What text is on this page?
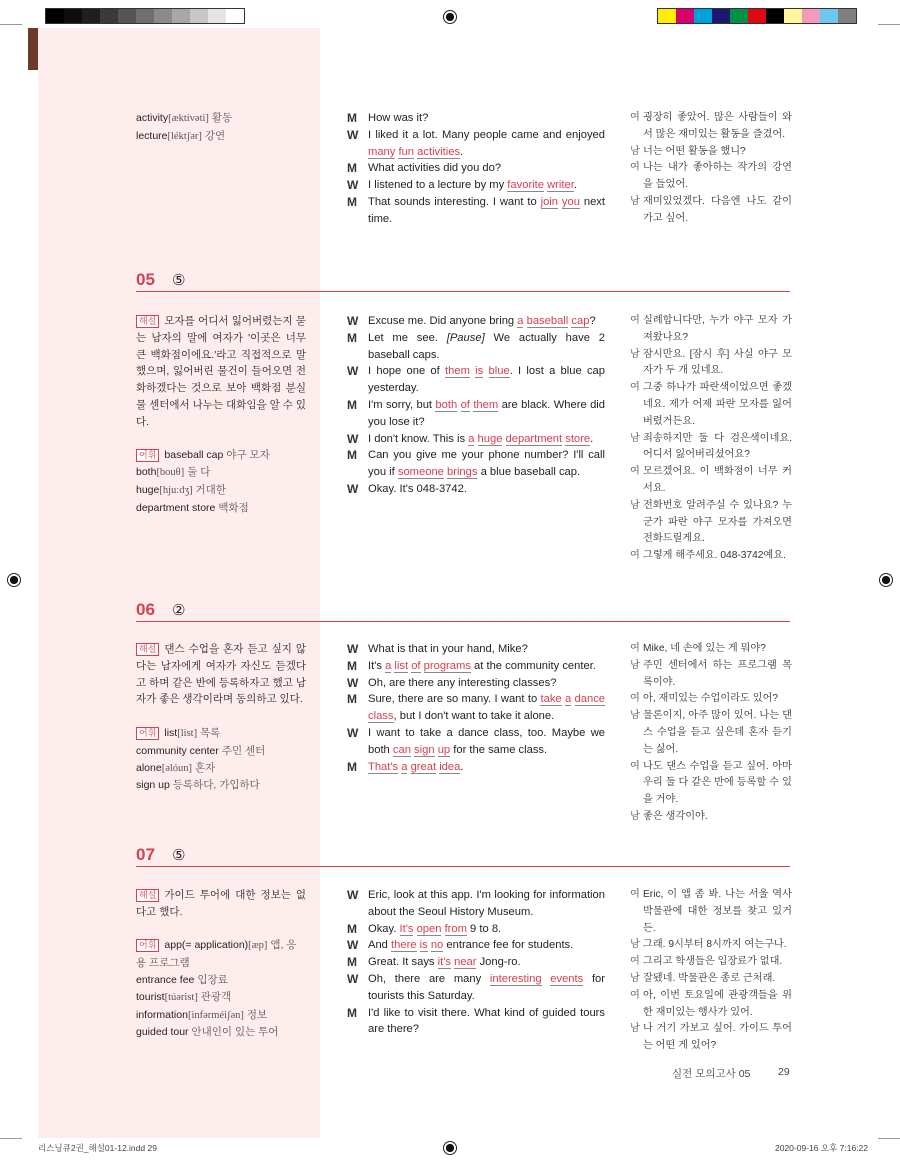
activity[æktívəti] 활동
lecture[léktʃər] 강연
M How was it?
W I liked it a lot. Many people came and enjoyed many fun activities.
M What activities did you do?
W I listened to a lecture by my favorite writer.
M That sounds interesting. I want to join you next time.
여 굉장히 좋았어. 많은 사람들이 와서 많은 재미있는 활동을 즐겼어.
남 너는 어떤 활동을 했니?
여 나는 내가 좋아하는 작가의 강연을 들었어.
남 재미있었겠다. 다음엔 나도 같이 가고 싶어.
05 ⑤
해설 모자를 어디서 잃어버렸는지 묻는 남자의 말에 여자가 '이곳은 너무 큰 백화점이에요.'라고 직접적으로 말했으며, 잃어버린 물건이 들어오면 전화하겠다는 것으로 보아 백화점 분실물 센터에서 나누는 대화임을 알 수 있다.
어휘 baseball cap 야구 모자
both[bouθ] 둘 다
huge[hjuːdʒ] 거대한
department store 백화점
W Excuse me. Did anyone bring a baseball cap?
M Let me see. [Pause] We actually have 2 baseball caps.
W I hope one of them is blue. I lost a blue cap yesterday.
M I'm sorry, but both of them are black. Where did you lose it?
W I don't know. This is a huge department store.
M Can you give me your phone number? I'll call you if someone brings a blue baseball cap.
W Okay. It's 048-3742.
여 실례합니다만, 누가 야구 모자 가져왔나요?
남 잠시만요. [잠시 후] 사실 야구 모자가 두 개 있네요.
여 그중 하나가 파란색이었으면 좋겠네요. 제가 어제 파란 모자를 잃어버렸거든요.
남 죄송하지만 둘 다 검은색이네요. 어디서 잃어버리셨어요?
여 모르겠어요. 이 백화점이 너무 커서요.
남 전화번호 알려주실 수 있나요? 누군가 파란 야구 모자를 가져오면 전화드릴게요.
여 그렇게 해주세요. 048-3742예요.
06 ②
해설 댄스 수업을 혼자 듣고 싶지 않다는 남자에게 여자가 자신도 듣겠다고 하며 같은 반에 등록하자고 했고 남자가 좋은 생각이라며 동의하고 있다.
어휘 list[list] 목록
community center 주민 센터
alone[əlóun] 혼자
sign up 등록하다, 가입하다
W What is that in your hand, Mike?
M It's a list of programs at the community center.
W Oh, are there any interesting classes?
M Sure, there are so many. I want to take a dance class, but I don't want to take it alone.
W I want to take a dance class, too. Maybe we both can sign up for the same class.
M That's a great idea.
여 Mike, 네 손에 있는 게 뭐야?
남 주민 센터에서 하는 프로그램 목록이야.
여 아, 재미있는 수업이라도 있어?
남 물론이지, 아주 많이 있어. 나는 댄스 수업을 듣고 싶은데 혼자 듣기는 싫어.
여 나도 댄스 수업을 듣고 싶어. 아마 우리 둘 다 같은 반에 등록할 수 있을 거야.
남 좋은 생각이야.
07 ⑤
해설 가이드 투어에 대한 정보는 없다고 했다.
어휘 app(= application)[æp] 앱, 응용 프로그램
entrance fee 입장료
tourist[túərist] 관광객
information[ìnfərméiʃən] 정보
guided tour 안내인이 있는 투어
W Eric, look at this app. I'm looking for information about the Seoul History Museum.
M Okay. It's open from 9 to 8.
W And there is no entrance fee for students.
M Great. It says it's near Jong-ro.
W Oh, there are many interesting events for tourists this Saturday.
M I'd like to visit there. What kind of guided tours are there?
여 Eric, 이 앱 좀 봐. 나는 서울 역사박물관에 대한 정보를 찾고 있거든.
남 그래. 9시부터 8시까지 여는구나.
여 그리고 학생들은 입장료가 없대.
남 잘됐네. 박물관은 종로 근처래.
여 아, 이번 토요일에 관광객들을 위한 재미있는 행사가 있어.
남 나 거기 가보고 싶어. 가이드 투어는 어떤 게 있어?
실전 모의고사 05	29
리스닝큐2권_해설01-12.indd 29	2020-09-16 오후 7:16:22
